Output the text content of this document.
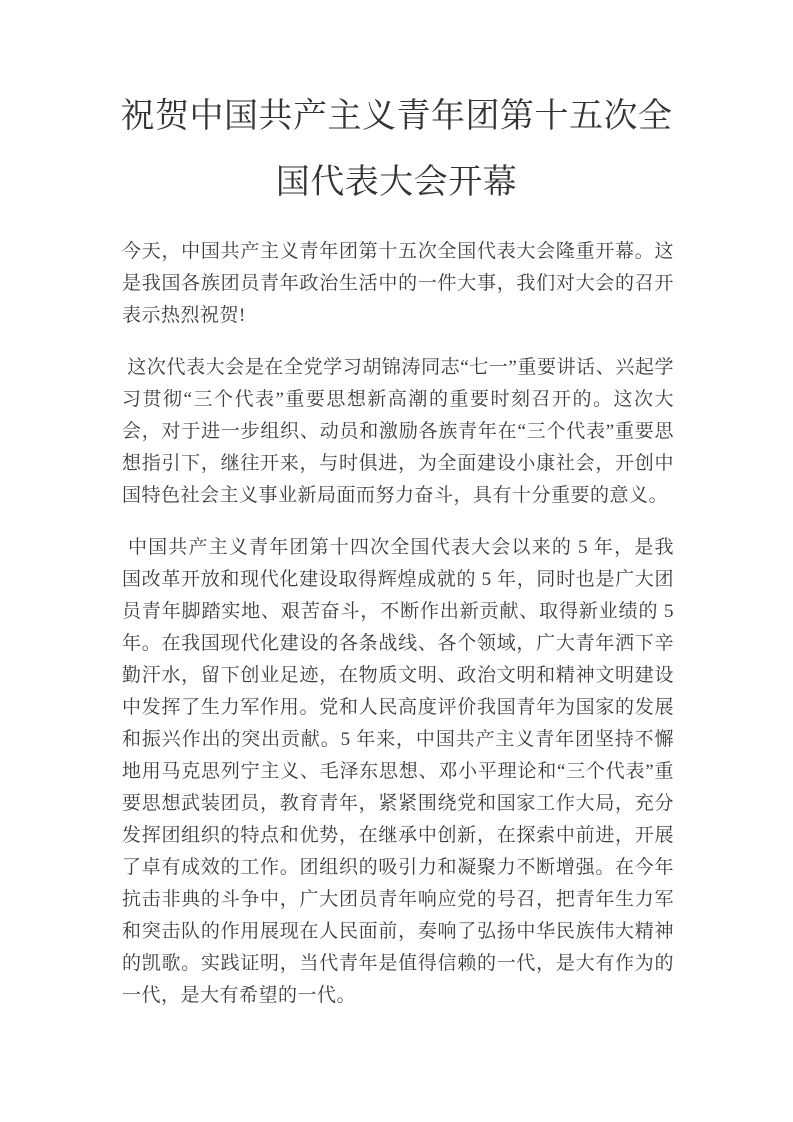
祝贺中国共产主义青年团第十五次全国代表大会开幕

今天，中国共产主义青年团第十五次全国代表大会隆重开幕。这是我国各族团员青年政治生活中的一件大事，我们对大会的召开表示热烈祝贺!

这次代表大会是在全党学习胡锦涛同志“七一”重要讲话、兴起学习贯彻“三个代表”重要思想新高潮的重要时刻召开的。这次大会，对于进一步组织、动员和激励各族青年在“三个代表”重要思想指引下，继往开来，与时俱进，为全面建设小康社会，开创中国特色社会主义事业新局面而努力奋斗，具有十分重要的意义。

中国共产主义青年团第十四次全国代表大会以来的 5 年，是我国改革开放和现代化建设取得辉煌成就的 5 年，同时也是广大团员青年脚踏实地、艰苦奋斗，不断作出新贡献、取得新业绩的 5 年。在我国现代化建设的各条战线、各个领域，广大青年洒下辛勤汗水，留下创业足迹，在物质文明、政治文明和精神文明建设中发挥了生力军作用。党和人民高度评价我国青年为国家的发展和振兴作出的突出贡献。5 年来，中国共产主义青年团坚持不懈地用马克思列宁主义、毛泽东思想、邓小平理论和“三个代表”重要思想武装团员，教育青年，紧紧围绕党和国家工作大局，充分发挥团组织的特点和优势，在继承中创新，在探索中前进，开展了卓有成效的工作。团组织的吸引力和凝聚力不断增强。在今年抗击非典的斗争中，广大团员青年响应党的号召，把青年生力军和突击队的作用展现在人民面前，奏响了弘扬中华民族伟大精神的凯歌。实践证明，当代青年是值得信赖的一代，是大有作为的一代，是大有希望的一代。
